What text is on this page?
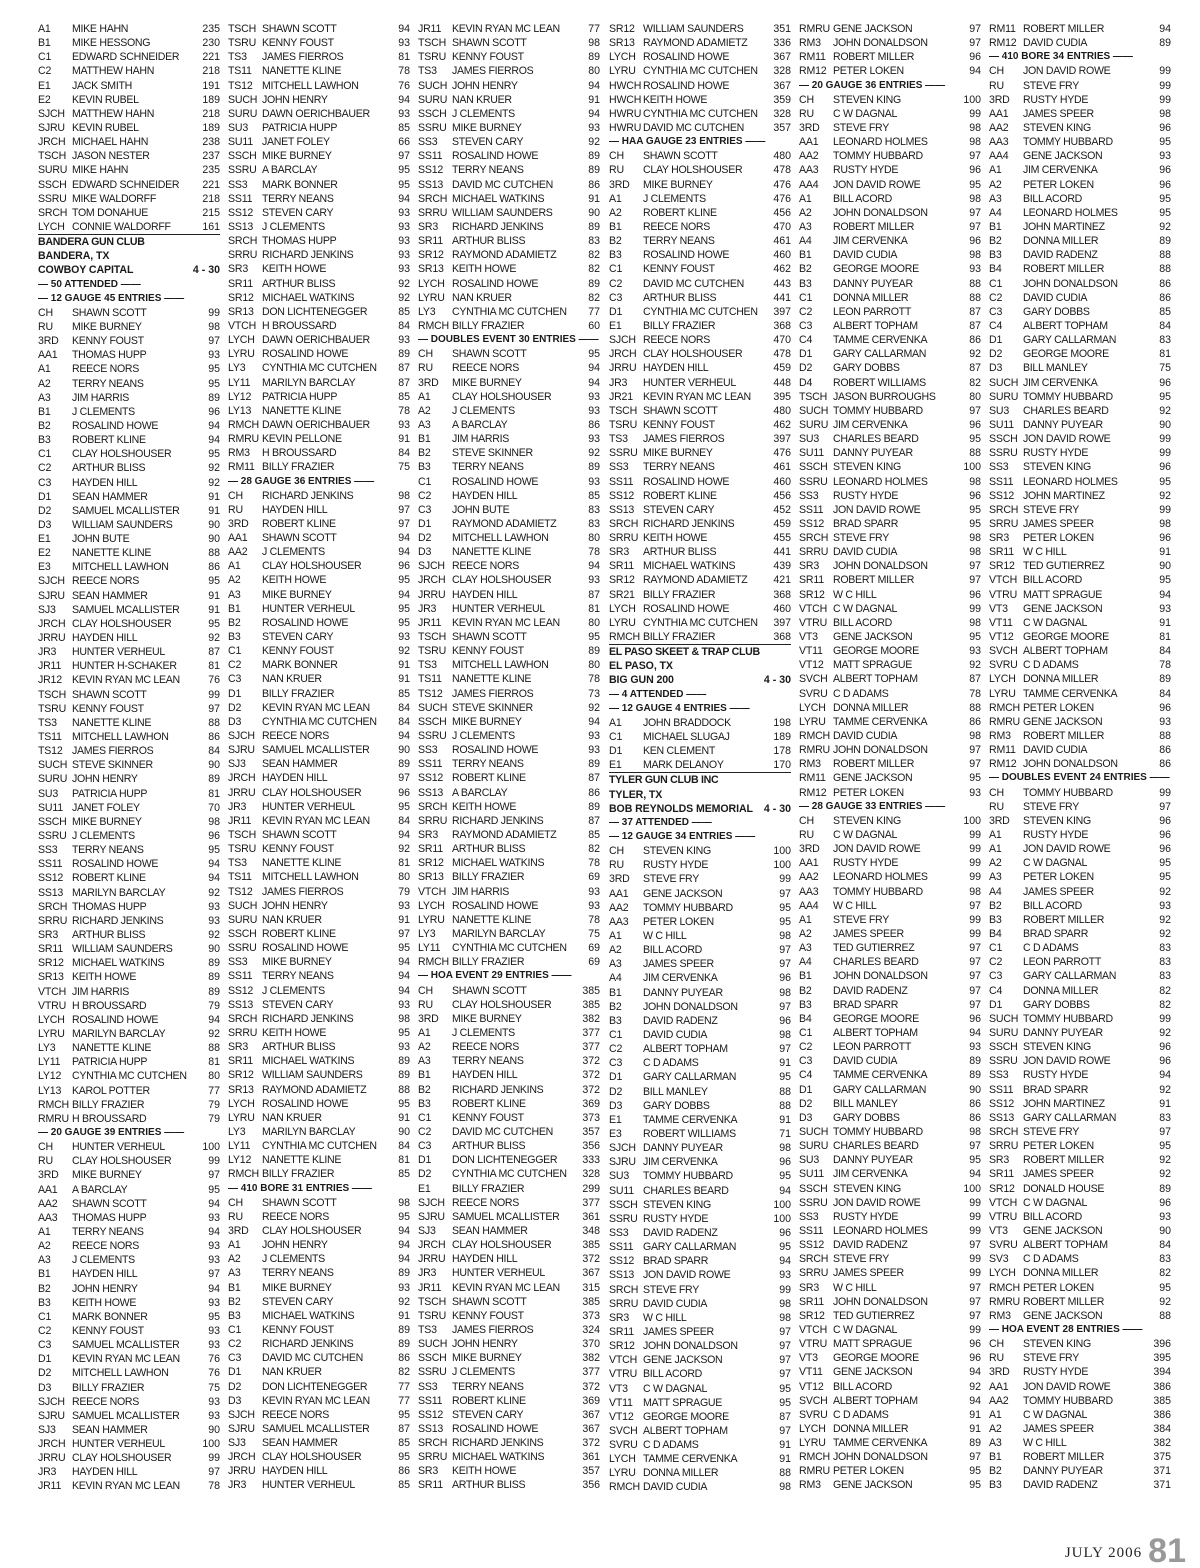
A1	MIKE HAHN	235
B1	MIKE HESSONG	230
C1	EDWARD SCHNEIDER	221
C2	MATTHEW HAHN	218
E1	JACK SMITH	191
E2	KEVIN RUBEL	189
SJCH MATTHEW HAHN	218
SJRU KEVIN RUBEL	189
JRCH MICHAEL HAHN	238
TSCH JASON NESTER	237
SURU MIKE HAHN	235
SSCH EDWARD SCHNEIDER	221
SSRU MIKE WALDORFF	218
SRCH TOM DONAHUE	215
LYCH CONNIE WALDORFF	161
BANDERA GUN CLUB
BANDERA, TX
COWBOY CAPITAL	4 - 30
— 50 ATTENDED ——
— 12 GAUGE 45 ENTRIES ——
CH	SHAWN SCOTT	99
RU	MIKE BURNEY	98
3RD	KENNY FOUST	97
AA1	THOMAS HUPP	93
A1	REECE NORS	95
A2	TERRY NEANS	95
A3	JIM HARRIS	89
B1	J CLEMENTS	96
B2	ROSALIND HOWE	94
B3	ROBERT KLINE	94
C1	CLAY HOLSHOUSER	95
C2	ARTHUR BLISS	92
C3	HAYDEN HILL	92
D1	SEAN HAMMER	91
D2	SAMUEL MCALLISTER	91
D3	WILLIAM SAUNDERS	90
E1	JOHN BUTE	90
E2	NANETTE KLINE	88
E3	MITCHELL LAWHON	86
SJCH REECE NORS	95
SJRU SEAN HAMMER	91
SJ3	SAMUEL MCALLISTER	91
JRCH CLAY HOLSHOUSER	95
JRRU HAYDEN HILL	92
JR3	HUNTER VERHEUL	87
JR11	HUNTER H-SCHAKER	81
JR12 KEVIN RYAN MC LEAN	76
TSCH SHAWN SCOTT	99
TSRU KENNY FOUST	97
TS3	NANETTE KLINE	88
TS11 MITCHELL LAWHON	86
TS12 JAMES FIERROS	84
SUCH STEVE SKINNER	90
SURU JOHN HENRY	89
SU3	PATRICIA HUPP	81
SU11 JANET FOLEY	70
SSCH MIKE BURNEY	98
SSRU J CLEMENTS	96
SS3	TERRY NEANS	95
SS11 ROSALIND HOWE	94
SS12 ROBERT KLINE	94
SS13 MARILYN BARCLAY	92
SRCH THOMAS HUPP	93
SRRU RICHARD JENKINS	93
SR3	ARTHUR BLISS	92
SR11 WILLIAM SAUNDERS	90
SR12 MICHAEL WATKINS	89
SR13 KEITH HOWE	89
VTCH JIM HARRIS	89
VTRU H BROUSSARD	79
LYCH ROSALIND HOWE	94
LYRU MARILYN BARCLAY	92
LY3	NANETTE KLINE	88
LY11	PATRICIA HUPP	81
LY12	CYNTHIA MC CUTCHEN	80
LY13	KAROL POTTER	77
RMCH BILLY FRAZIER	79
RMRU H BROUSSARD	79
— 20 GAUGE 39 ENTRIES ——
CH	HUNTER VERHEUL	100
RU	CLAY HOLSHOUSER	99
3RD	MIKE BURNEY	97
AA1	A BARCLAY	95
AA2	SHAWN SCOTT	94
AA3	THOMAS HUPP	93
A1	TERRY NEANS	94
A2	REECE NORS	93
A3	J CLEMENTS	93
B1	HAYDEN HILL	97
B2	JOHN HENRY	94
B3	KEITH HOWE	93
C1	MARK BONNER	95
C2	KENNY FOUST	93
C3	SAMUEL MCALLISTER	93
D1	KEVIN RYAN MC LEAN	76
D2	MITCHELL LAWHON	76
D3	BILLY FRAZIER	75
SJCH REECE NORS	93
SJRU SAMUEL MCALLISTER	93
SJ3	SEAN HAMMER	90
JRCH HUNTER VERHEUL	100
JRRU CLAY HOLSHOUSER	99
JR3	HAYDEN HILL	97
JR11	KEVIN RYAN MC LEAN	78
TSCH SHAWN SCOTT	94
TSRU KENNY FOUST	93
TS3	JAMES FIERROS	81
TS11 NANETTE KLINE	78
TS12 MITCHELL LAWHON	76
SUCH JOHN HENRY	94
SURU DAWN OERICHBAUER	93
SU3	PATRICIA HUPP	85
SU11 JANET FOLEY	66
SSCH MIKE BURNEY	97
SSRU A BARCLAY	95
SS3	MARK BONNER	95
SS11 TERRY NEANS	94
SS12 STEVEN CARY	93
SS13 J CLEMENTS	93
SRCH THOMAS HUPP	93
SRRU RICHARD JENKINS	93
SR3	KEITH HOWE	93
SR11 ARTHUR BLISS	92
SR12 MICHAEL WATKINS	92
SR13 DON LICHTENEGGER	85
VTCH H BROUSSARD	84
LYCH DAWN OERICHBAUER	93
LYRU ROSALIND HOWE	89
LY3	CYNTHIA MC CUTCHEN	87
LY11	MARILYN BARCLAY	87
LY12	PATRICIA HUPP	85
LY13	NANETTE KLINE	78
RMCH DAWN OERICHBAUER	93
RMRU KEVIN PELLONE	91
RM3	H BROUSSARD	84
RM11 BILLY FRAZIER	75
— 28 GAUGE 36 ENTRIES ——
CH	RICHARD JENKINS	98
RU	HAYDEN HILL	97
3RD	ROBERT KLINE	97
AA1	SHAWN SCOTT	94
AA2	J CLEMENTS	94
A1	CLAY HOLSHOUSER	96
A2	KEITH HOWE	95
A3	MIKE BURNEY	94
B1	HUNTER VERHEUL	95
B2	ROSALIND HOWE	95
B3	STEVEN CARY	93
C1	KENNY FOUST	92
C2	MARK BONNER	91
C3	NAN KRUER	91
D1	BILLY FRAZIER	85
D2	KEVIN RYAN MC LEAN	84
D3	CYNTHIA MC CUTCHEN	84
SJCH REECE NORS	94
SJRU SAMUEL MCALLISTER	90
SJ3	SEAN HAMMER	89
JRCH HAYDEN HILL	97
JRRU CLAY HOLSHOUSER	96
JR3	HUNTER VERHEUL	95
JR11	KEVIN RYAN MC LEAN	84
TSCH SHAWN SCOTT	94
TSRU KENNY FOUST	92
TS3	NANETTE KLINE	81
TS11 MITCHELL LAWHON	80
TS12 JAMES FIERROS	79
SUCH JOHN HENRY	93
SURU NAN KRUER	91
SSCH ROBERT KLINE	97
SSRU ROSALIND HOWE	95
SS3	MIKE BURNEY	94
SS11 TERRY NEANS	94
SS12 J CLEMENTS	94
SS13 STEVEN CARY	93
SRCH RICHARD JENKINS	98
SRRU KEITH HOWE	95
SR3	ARTHUR BLISS	93
SR11 MICHAEL WATKINS	89
SR12 WILLIAM SAUNDERS	89
SR13 RAYMOND ADAMIETZ	88
LYCH ROSALIND HOWE	95
LYRU NAN KRUER	91
LY3	MARILYN BARCLAY	90
LY11	CYNTHIA MC CUTCHEN	84
LY12	NANETTE KLINE	81
RMCH BILLY FRAZIER	85
— 410 BORE 31 ENTRIES ——
CH	SHAWN SCOTT	98
RU	REECE NORS	95
3RD	CLAY HOLSHOUSER	94
A1	JOHN HENRY	94
A2	J CLEMENTS	94
A3	TERRY NEANS	89
B1	MIKE BURNEY	93
B2	STEVEN CARY	92
B3	MICHAEL WATKINS	91
C1	KENNY FOUST	89
C2	RICHARD JENKINS	89
C3	DAVID MC CUTCHEN	86
D1	NAN KRUER	82
D2	DON LICHTENEGGER	77
D3	KEVIN RYAN MC LEAN	77
SJCH REECE NORS	95
SJRU SAMUEL MCALLISTER	87
SJ3	SEAN HAMMER	85
JRCH CLAY HOLSHOUSER	95
JRRU HAYDEN HILL	86
JR3	HUNTER VERHEUL	85
JR11	KEVIN RYAN MC LEAN	77
TSCH SHAWN SCOTT	98
TSRU KENNY FOUST	89
TS3	JAMES FIERROS	80
SUCH JOHN HENRY	94
SURU NAN KRUER	91
SSCH J CLEMENTS	94
SSRU MIKE BURNEY	93
SS3	STEVEN CARY	92
SS11 ROSALIND HOWE	89
SS12 TERRY NEANS	89
SS13 DAVID MC CUTCHEN	86
SRCH MICHAEL WATKINS	91
SRRU WILLIAM SAUNDERS	90
SR3	RICHARD JENKINS	89
SR11 ARTHUR BLISS	83
SR12 RAYMOND ADAMIETZ	82
SR13 KEITH HOWE	82
LYCH ROSALIND HOWE	89
LYRU NAN KRUER	82
LY3	CYNTHIA MC CUTCHEN	77
RMCH BILLY FRAZIER	60
— DOUBLES EVENT 30 ENTRIES ——
CH	SHAWN SCOTT	95
RU	REECE NORS	94
3RD	MIKE BURNEY	94
A1	CLAY HOLSHOUSER	93
A2	J CLEMENTS	93
A3	A BARCLAY	86
B1	JIM HARRIS	93
B2	STEVE SKINNER	92
B3	TERRY NEANS	89
C1	ROSALIND HOWE	93
C2	HAYDEN HILL	85
C3	JOHN BUTE	83
D1	RAYMOND ADAMIETZ	83
D2	MITCHELL LAWHON	80
D3	NANETTE KLINE	78
SJCH REECE NORS	94
JRCH CLAY HOLSHOUSER	93
JRRU HAYDEN HILL	87
JR3	HUNTER VERHEUL	81
JR11	KEVIN RYAN MC LEAN	80
TSCH SHAWN SCOTT	95
TSRU KENNY FOUST	89
TS3	MITCHELL LAWHON	80
TS11 NANETTE KLINE	78
TS12 JAMES FIERROS	73
SUCH STEVE SKINNER	92
SSCH MIKE BURNEY	94
SSRU J CLEMENTS	93
SS3	ROSALIND HOWE	93
SS11 TERRY NEANS	89
SS12 ROBERT KLINE	87
SS13 A BARCLAY	86
SRCH KEITH HOWE	89
SRRU RICHARD JENKINS	87
SR3	RAYMOND ADAMIETZ	85
SR11 ARTHUR BLISS	82
SR12 MICHAEL WATKINS	78
SR13 BILLY FRAZIER	69
VTCH JIM HARRIS	93
LYCH ROSALIND HOWE	93
LYRU NANETTE KLINE	78
LY3	MARILYN BARCLAY	75
LY11	CYNTHIA MC CUTCHEN	69
RMCH BILLY FRAZIER	69
— HOA EVENT 29 ENTRIES ——
CH	SHAWN SCOTT	385
RU	CLAY HOLSHOUSER	385
3RD	MIKE BURNEY	382
A1	J CLEMENTS	377
A2	REECE NORS	377
A3	TERRY NEANS	372
B1	HAYDEN HILL	372
B2	RICHARD JENKINS	372
B3	ROBERT KLINE	369
C1	KENNY FOUST	373
C2	DAVID MC CUTCHEN	357
C3	ARTHUR BLISS	356
D1	DON LICHTENEGGER	333
D2	CYNTHIA MC CUTCHEN	328
E1	BILLY FRAZIER	299
SJCH REECE NORS	377
SJRU SAMUEL MCALLISTER	361
SJ3	SEAN HAMMER	348
JRCH CLAY HOLSHOUSER	385
JRRU HAYDEN HILL	372
JR3	HUNTER VERHEUL	367
JR11	KEVIN RYAN MC LEAN	315
TSCH SHAWN SCOTT	385
TSRU KENNY FOUST	373
TS3	JAMES FIERROS	324
SUCH JOHN HENRY	370
SSCH MIKE BURNEY	382
SSRU J CLEMENTS	377
SS3	TERRY NEANS	372
SS11 ROBERT KLINE	369
SS12 STEVEN CARY	367
SS13 ROSALIND HOWE	367
SRCH RICHARD JENKINS	372
SRRU MICHAEL WATKINS	361
SR3	KEITH HOWE	357
SR11 ARTHUR BLISS	356
SR12 WILLIAM SAUNDERS	351
SR13 RAYMOND ADAMIETZ	336
LYCH ROSALIND HOWE	367
LYRU CYNTHIA MC CUTCHEN	328
HWCH ROSALIND HOWE	367
HWCH KEITH HOWE	359
HWRU CYNTHIA MC CUTCHEN	328
HWRU DAVID MC CUTCHEN	357
— HAA GAUGE 23 ENTRIES ——
CH	SHAWN SCOTT	480
RU	CLAY HOLSHOUSER	478
3RD	MIKE BURNEY	476
A1	J CLEMENTS	476
A2	ROBERT KLINE	456
B1	REECE NORS	470
B2	TERRY NEANS	461
B3	ROSALIND HOWE	460
C1	KENNY FOUST	462
C2	DAVID MC CUTCHEN	443
C3	ARTHUR BLISS	441
D1	CYNTHIA MC CUTCHEN	397
E1	BILLY FRAZIER	368
SJCH REECE NORS	470
JRCH CLAY HOLSHOUSER	478
JRRU HAYDEN HILL	459
JR3	HUNTER VERHEUL	448
JR21 KEVIN RYAN MC LEAN	395
TSCH SHAWN SCOTT	480
TSRU KENNY FOUST	462
TS3	JAMES FIERROS	397
SSRU MIKE BURNEY	476
SS3	TERRY NEANS	461
SS11 ROSALIND HOWE	460
SS12 ROBERT KLINE	456
SS13 STEVEN CARY	452
SRCH RICHARD JENKINS	459
SRRU KEITH HOWE	455
SR3	ARTHUR BLISS	441
SR11 MICHAEL WATKINS	439
SR12 RAYMOND ADAMIETZ	421
SR21 BILLY FRAZIER	368
LYCH ROSALIND HOWE	460
LYRU CYNTHIA MC CUTCHEN	397
RMCH BILLY FRAZIER	368
EL PASO SKEET & TRAP CLUB
EL PASO, TX
BIG GUN 200	4 - 30
— 4 ATTENDED ——
— 12 GAUGE 4 ENTRIES ——
A1	JOHN BRADDOCK	198
C1	MICHAEL SLUGAJ	189
D1	KEN CLEMENT	178
E1	MARK DELANOY	170
TYLER GUN CLUB INC
TYLER, TX
BOB REYNOLDS MEMORIAL	4 - 30
— 37 ATTENDED ——
— 12 GAUGE 34 ENTRIES ——
CH	STEVEN KING	100
RU	RUSTY HYDE	100
3RD	STEVE FRY	99
AA1	GENE JACKSON	97
AA2	TOMMY HUBBARD	95
AA3	PETER LOKEN	95
A1	W C HILL	98
A2	BILL ACORD	97
A3	JAMES SPEER	97
A4	JIM CERVENKA	96
B1	DANNY PUYEAR	98
B2	JOHN DONALDSON	97
B3	DAVID RADENZ	96
C1	DAVID CUDIA	98
C2	ALBERT TOPHAM	97
C3	C D ADAMS	91
D1	GARY CALLARMAN	95
D2	BILL MANLEY	88
D3	GARY DOBBS	88
E1	TAMME CERVENKA	91
E3	ROBERT WILLIAMS	71
SJCH DANNY PUYEAR	98
SJRU JIM CERVENKA	96
SU3	TOMMY HUBBARD	95
SU11 CHARLES BEARD	94
SSCH STEVEN KING	100
SSRU RUSTY HYDE	100
SS3	DAVID RADENZ	96
SS11 GARY CALLARMAN	95
SS12 BRAD SPARR	94
SS13 JON DAVID ROWE	93
SRCH STEVE FRY	99
SRRU DAVID CUDIA	98
SR3	W C HILL	98
SR11 JAMES SPEER	97
SR12 JOHN DONALDSON	97
VTCH GENE JACKSON	97
VTRU BILL ACORD	97
VT3	C W DAGNAL	95
VT11 MATT SPRAGUE	95
VT12 GEORGE MOORE	87
SVCH ALBERT TOPHAM	97
SVRU C D ADAMS	91
LYCH TAMME CERVENKA	91
LYRU DONNA MILLER	88
RMCH DAVID CUDIA	98
RMRU GENE JACKSON	97
RM3	JOHN DONALDSON	97
RM11 ROBERT MILLER	96
RM12 PETER LOKEN	94
— 20 GAUGE 36 ENTRIES ——
CH	STEVEN KING	100
RU	C W DAGNAL	99
3RD	STEVE FRY	98
AA1	LEONARD HOLMES	98
AA2	TOMMY HUBBARD	97
AA3	RUSTY HYDE	96
AA4	JON DAVID ROWE	95
A1	BILL ACORD	98
A2	JOHN DONALDSON	97
A3	ROBERT MILLER	97
A4	JIM CERVENKA	96
B1	DAVID CUDIA	98
B2	GEORGE MOORE	93
B3	DANNY PUYEAR	88
C1	DONNA MILLER	88
C2	LEON PARROTT	87
C3	ALBERT TOPHAM	87
C4	TAMME CERVENKA	86
D1	GARY CALLARMAN	92
D2	GARY DOBBS	87
D4	ROBERT WILLIAMS	82
TSCH JASON BURROUGHS	80
SUCH TOMMY HUBBARD	97
SURU JIM CERVENKA	96
SU3	CHARLES BEARD	95
SU11 DANNY PUYEAR	88
SSCH STEVEN KING	100
SSRU LEONARD HOLMES	98
SS3	RUSTY HYDE	96
SS11 JON DAVID ROWE	95
SS12 BRAD SPARR	95
SRCH STEVE FRY	98
SRRU DAVID CUDIA	98
SR3	JOHN DONALDSON	97
SR11 ROBERT MILLER	97
SR12 W C HILL	96
VTCH C W DAGNAL	99
VTRU BILL ACORD	98
VT3	GENE JACKSON	95
VT11 GEORGE MOORE	93
VT12 MATT SPRAGUE	92
SVCH ALBERT TOPHAM	87
SVRU C D ADAMS	78
LYCH DONNA MILLER	88
LYRU TAMME CERVENKA	86
RMCH DAVID CUDIA	98
RMRU JOHN DONALDSON	97
RM3	ROBERT MILLER	97
RM11 GENE JACKSON	95
RM12 PETER LOKEN	93
— 28 GAUGE 33 ENTRIES ——
CH	STEVEN KING	100
RU	C W DAGNAL	99
3RD	JON DAVID ROWE	99
AA1	RUSTY HYDE	99
AA2	LEONARD HOLMES	99
AA3	TOMMY HUBBARD	98
AA4	W C HILL	97
A1	STEVE FRY	99
A2	JAMES SPEER	99
A3	TED GUTIERREZ	97
A4	CHARLES BEARD	97
B1	JOHN DONALDSON	97
B2	DAVID RADENZ	97
B3	BRAD SPARR	97
B4	GEORGE MOORE	96
C1	ALBERT TOPHAM	94
C2	LEON PARROTT	93
C3	DAVID CUDIA	89
C4	TAMME CERVENKA	89
D1	GARY CALLARMAN	90
D2	BILL MANLEY	86
D3	GARY DOBBS	86
SUCH TOMMY HUBBARD	98
SURU CHARLES BEARD	97
SU3	DANNY PUYEAR	95
SU11 JIM CERVENKA	94
SSCH STEVEN KING	100
SSRU JON DAVID ROWE	99
SS3	RUSTY HYDE	99
SS11 LEONARD HOLMES	99
SS12 DAVID RADENZ	97
SRCH STEVE FRY	99
SRRU JAMES SPEER	99
SR3	W C HILL	97
SR11 JOHN DONALDSON	97
SR12 TED GUTIERREZ	97
VTCH C W DAGNAL	99
VTRU MATT SPRAGUE	96
VT3	GEORGE MOORE	96
VT11 GENE JACKSON	94
VT12 BILL ACORD	92
SVCH ALBERT TOPHAM	94
SVRU C D ADAMS	91
LYCH DONNA MILLER	91
LYRU TAMME CERVENKA	89
RMCH JOHN DONALDSON	97
RMRU PETER LOKEN	95
RM3	GENE JACKSON	95
RM11 ROBERT MILLER	94
RM12 DAVID CUDIA	89
— 410 BORE 34 ENTRIES ——
CH	JON DAVID ROWE	99
RU	STEVE FRY	99
3RD	RUSTY HYDE	99
AA1	JAMES SPEER	98
AA2	STEVEN KING	96
AA3	TOMMY HUBBARD	95
AA4	GENE JACKSON	93
A1	JIM CERVENKA	96
A2	PETER LOKEN	96
A3	BILL ACORD	95
A4	LEONARD HOLMES	95
B1	JOHN MARTINEZ	92
B2	DONNA MILLER	89
B3	DAVID RADENZ	88
B4	ROBERT MILLER	88
C1	JOHN DONALDSON	86
C2	DAVID CUDIA	86
C3	GARY DOBBS	85
C4	ALBERT TOPHAM	84
D1	GARY CALLARMAN	83
D2	GEORGE MOORE	81
D3	BILL MANLEY	75
SUCH JIM CERVENKA	96
SURU TOMMY HUBBARD	95
SU3	CHARLES BEARD	92
SU11 DANNY PUYEAR	90
SSCH JON DAVID ROWE	99
SSRU RUSTY HYDE	99
SS3	STEVEN KING	96
SS11 LEONARD HOLMES	95
SS12 JOHN MARTINEZ	92
SRCH STEVE FRY	99
SRRU JAMES SPEER	98
SR3	PETER LOKEN	96
SR11 W C HILL	91
SR12 TED GUTIERREZ	90
VTCH BILL ACORD	95
VTRU MATT SPRAGUE	94
VT3	GENE JACKSON	93
VT11 C W DAGNAL	91
VT12 GEORGE MOORE	81
SVCH ALBERT TOPHAM	84
SVRU C D ADAMS	78
LYCH DONNA MILLER	89
LYRU TAMME CERVENKA	84
RMCH PETER LOKEN	96
RMRU GENE JACKSON	93
RM3	ROBERT MILLER	88
RM11 DAVID CUDIA	86
RM12 JOHN DONALDSON	86
— DOUBLES EVENT 24 ENTRIES ——
CH	TOMMY HUBBARD	99
RU	STEVE FRY	97
3RD	STEVEN KING	96
A1	RUSTY HYDE	96
A1	JON DAVID ROWE	96
A2	C W DAGNAL	95
A3	PETER LOKEN	95
A4	JAMES SPEER	92
B2	BILL ACORD	93
B3	ROBERT MILLER	92
B4	BRAD SPARR	92
C1	C D ADAMS	83
C2	LEON PARROTT	83
C3	GARY CALLARMAN	83
C4	DONNA MILLER	82
D1	GARY DOBBS	82
SUCH TOMMY HUBBARD	99
SURU DANNY PUYEAR	92
SSCH STEVEN KING	96
SSRU JON DAVID ROWE	96
SS3	RUSTY HYDE	94
SS11 BRAD SPARR	92
SS12 JOHN MARTINEZ	91
SS13 GARY CALLARMAN	83
SRCH STEVE FRY	97
SRRU PETER LOKEN	95
SR3	ROBERT MILLER	92
SR11 JAMES SPEER	92
SR12 DONALD HOUSE	89
VTCH C W DAGNAL	96
VTRU BILL ACORD	93
VT3	GENE JACKSON	90
SVRU ALBERT TOPHAM	84
SV3	C D ADAMS	83
LYCH DONNA MILLER	82
RMCH PETER LOKEN	95
RMRU ROBERT MILLER	92
RM3	GENE JACKSON	88
— HOA EVENT 28 ENTRIES ——
CH	STEVEN KING	396
RU	STEVE FRY	395
3RD	RUSTY HYDE	394
AA1	JON DAVID ROWE	386
AA2	TOMMY HUBBARD	385
A1	C W DAGNAL	386
A2	JAMES SPEER	384
A3	W C HILL	382
B1	ROBERT MILLER	375
B2	DANNY PUYEAR	371
B3	DAVID RADENZ	371
JULY 2006 81
